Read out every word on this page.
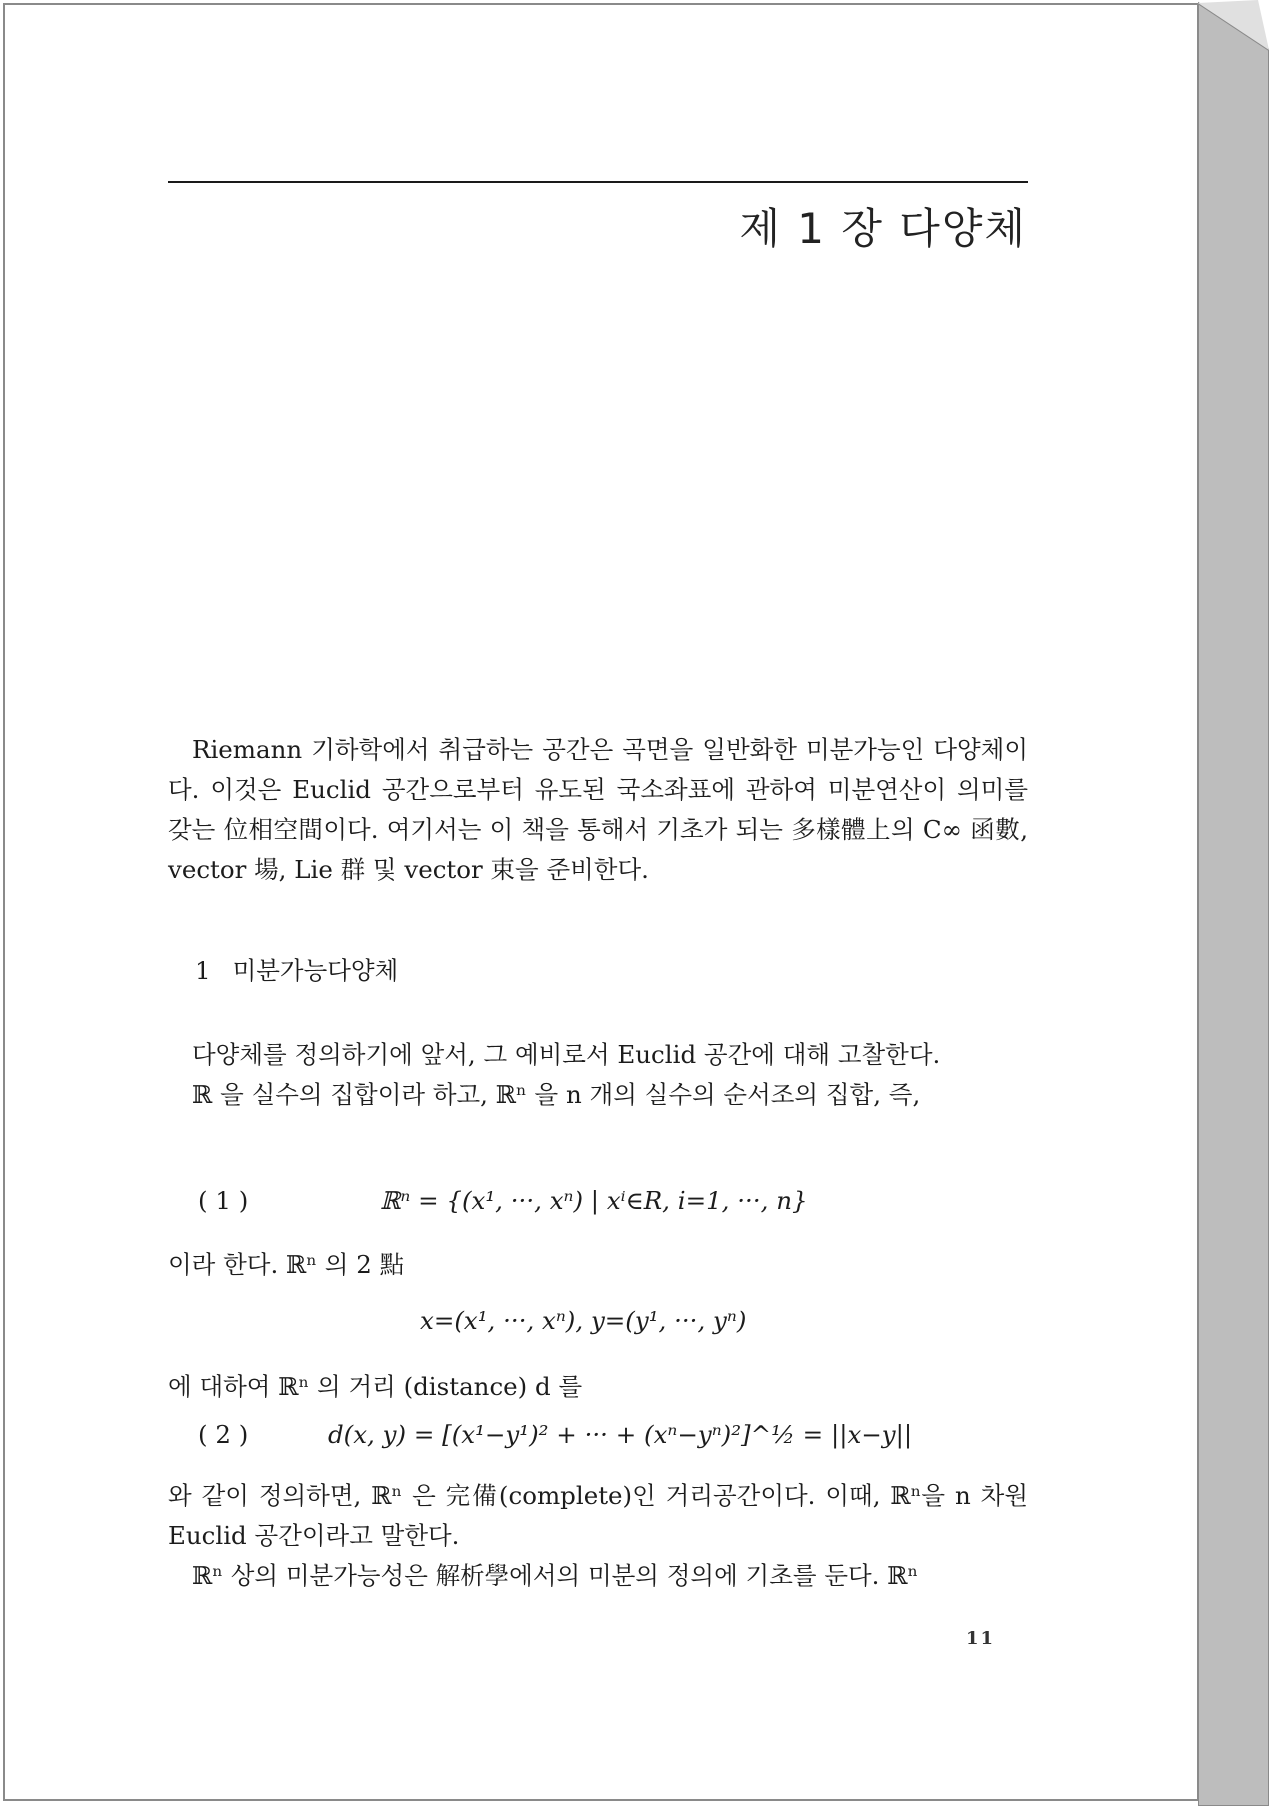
제 1 장 다양체

Riemann 기하학에서 취급하는 공간은 곡면을 일반화한 미분가능인 다양체이다. 이것은 Euclid 공간으로부터 유도된 국소좌표에 관하여 미분연산이 의미를 갖는 位相空間이다. 여기서는 이 책을 통해서 기초가 되는 多樣體上의 C∞ 函數, vector 場, Lie 群 및 vector 束을 준비한다.

1 미분가능다양체

다양체를 정의하기에 앞서, 그 예비로서 Euclid 공간에 대해 고찰한다.

ℝ 을 실수의 집합이라 하고, ℝⁿ 을 n 개의 실수의 순서조의 집합, 즉,

( 1 )	ℝⁿ = {(x¹, ···, xⁿ) | xⁱ∈R, i=1, ···, n}
이라 한다. ℝⁿ 의 2 點
x=(x¹, ···, xⁿ), y=(y¹, ···, yⁿ)
에 대하여 ℝⁿ 의 거리 (distance) d 를
( 2 )	d(x, y) = [(x¹−y¹)² + ··· + (xⁿ−yⁿ)²]^½ = ||x−y||

와 같이 정의하면, ℝⁿ 은 完備(complete)인 거리공간이다. 이때, ℝⁿ을 n 차원 Euclid 공간이라고 말한다.

ℝⁿ 상의 미분가능성은 解析學에서의 미분의 정의에 기초를 둔다. ℝⁿ

11
